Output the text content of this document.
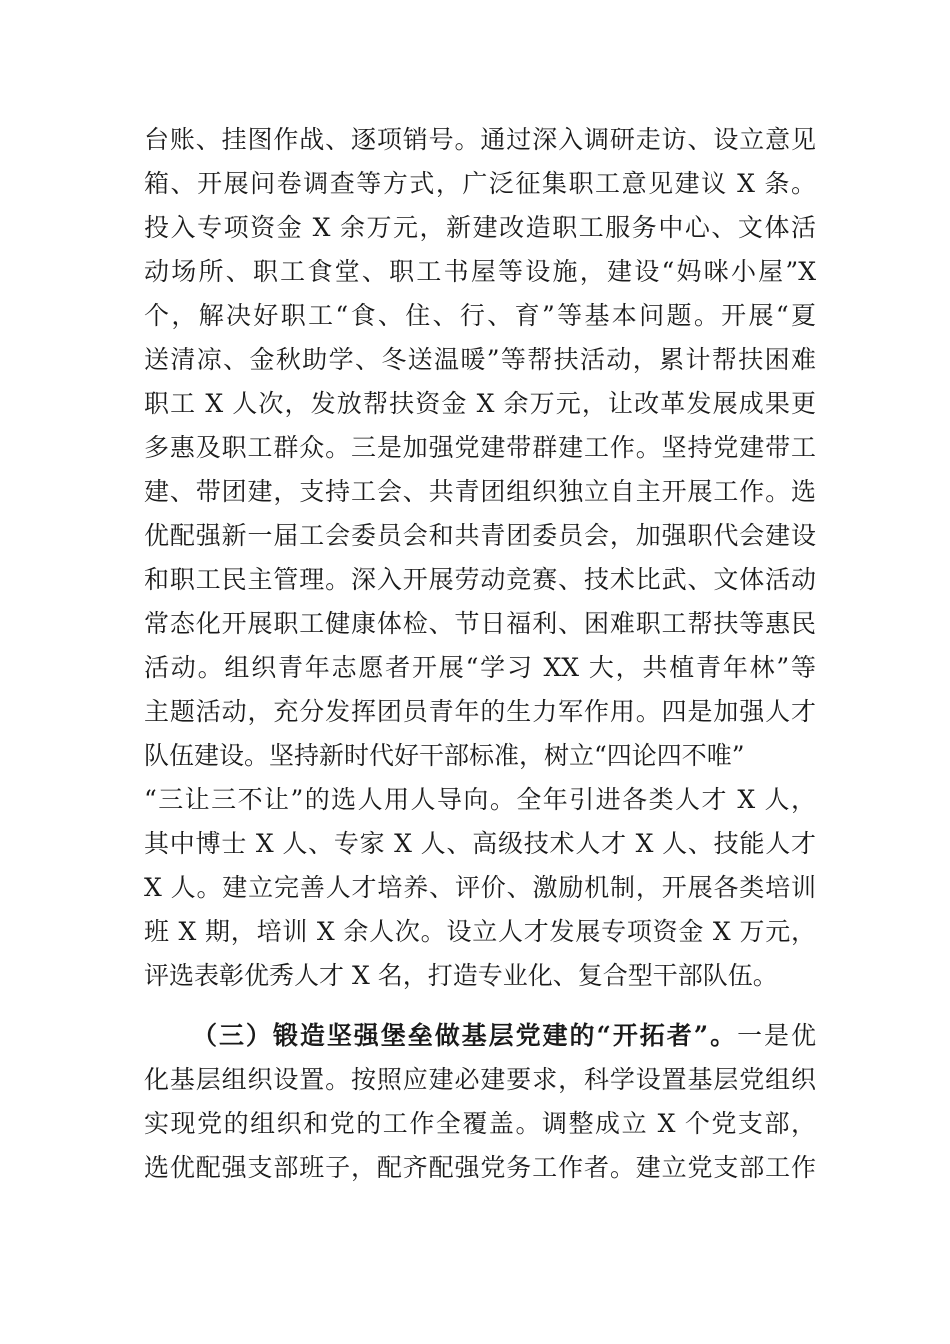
台账、挂图作战、逐项销号。通过深入调研走访、设立意见
箱、开展问卷调查等方式，广泛征集职工意见建议 X 条。
投入专项资金 X 余万元，新建改造职工服务中心、文体活
动场所、职工食堂、职工书屋等设施，建设“妈咪小屋”X
个，解决好职工“食、住、行、育”等基本问题。开展“夏
送清凉、金秋助学、冬送温暖”等帮扶活动，累计帮扶困难
职工 X 人次，发放帮扶资金 X 余万元，让改革发展成果更
多惠及职工群众。三是加强党建带群建工作。坚持党建带工
建、带团建，支持工会、共青团组织独立自主开展工作。选
优配强新一届工会委员会和共青团委员会，加强职代会建设
和职工民主管理。深入开展劳动竞赛、技术比武、文体活动
常态化开展职工健康体检、节日福利、困难职工帮扶等惠民
活动。组织青年志愿者开展“学习 XX 大，共植青年林”等
主题活动，充分发挥团员青年的生力军作用。四是加强人才
队伍建设。坚持新时代好干部标准，树立“四论四不唯”
“三让三不让”的选人用人导向。全年引进各类人才 X 人，
其中博士 X 人、专家 X 人、高级技术人才 X 人、技能人才
X 人。建立完善人才培养、评价、激励机制，开展各类培训
班 X 期，培训 X 余人次。设立人才发展专项资金 X 万元，
评选表彰优秀人才 X 名，打造专业化、复合型干部队伍。
（三）锻造坚强堡垒做基层党建的“开拓者”。一是优
化基层组织设置。按照应建必建要求，科学设置基层党组织
实现党的组织和党的工作全覆盖。调整成立 X 个党支部，
选优配强支部班子，配齐配强党务工作者。建立党支部工作
